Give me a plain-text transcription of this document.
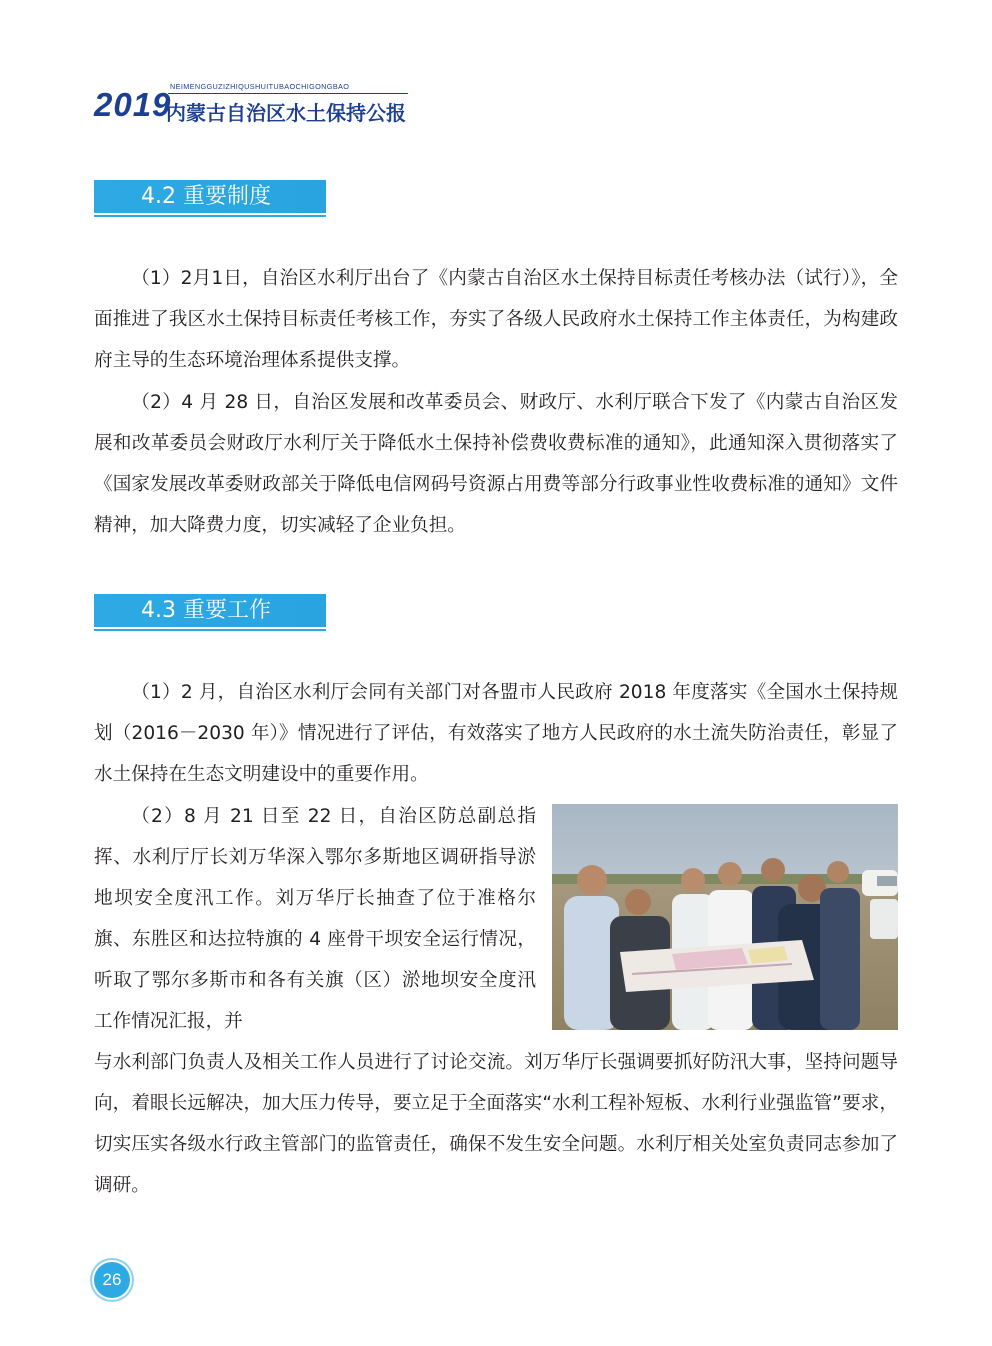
NEIMENGGUZIZHIQUSHUITUBAOCHIGONGBAO
2019
内蒙古自治区水土保持公报
4.2 重要制度

（1）2月1日，自治区水利厅出台了《内蒙古自治区水土保持目标责任考核办法（试行）》，全面推进了我区水土保持目标责任考核工作，夯实了各级人民政府水土保持工作主体责任，为构建政府主导的生态环境治理体系提供支撑。

（2）4 月 28 日，自治区发展和改革委员会、财政厅、水利厅联合下发了《内蒙古自治区发展和改革委员会财政厅水利厅关于降低水土保持补偿费收费标准的通知》，此通知深入贯彻落实了《国家发展改革委财政部关于降低电信网码号资源占用费等部分行政事业性收费标准的通知》文件精神，加大降费力度，切实减轻了企业负担。

4.3 重要工作

（1）2 月，自治区水利厅会同有关部门对各盟市人民政府 2018 年度落实《全国水土保持规划（2016－2030 年）》情况进行了评估，有效落实了地方人民政府的水土流失防治责任，彰显了水土保持在生态文明建设中的重要作用。

（2）8 月 21 日至 22 日，自治区防总副总指挥、水利厅厅长刘万华深入鄂尔多斯地区调研指导淤地坝安全度汛工作。刘万华厅长抽查了位于准格尔旗、东胜区和达拉特旗的 4 座骨干坝安全运行情况，听取了鄂尔多斯市和各有关旗（区）淤地坝安全度汛工作情况汇报，并

与水利部门负责人及相关工作人员进行了讨论交流。刘万华厅长强调要抓好防汛大事，坚持问题导向，着眼长远解决，加大压力传导，要立足于全面落实“水利工程补短板、水利行业强监管”要求，切实压实各级水行政主管部门的监管责任，确保不发生安全问题。水利厅相关处室负责同志参加了调研。

26
